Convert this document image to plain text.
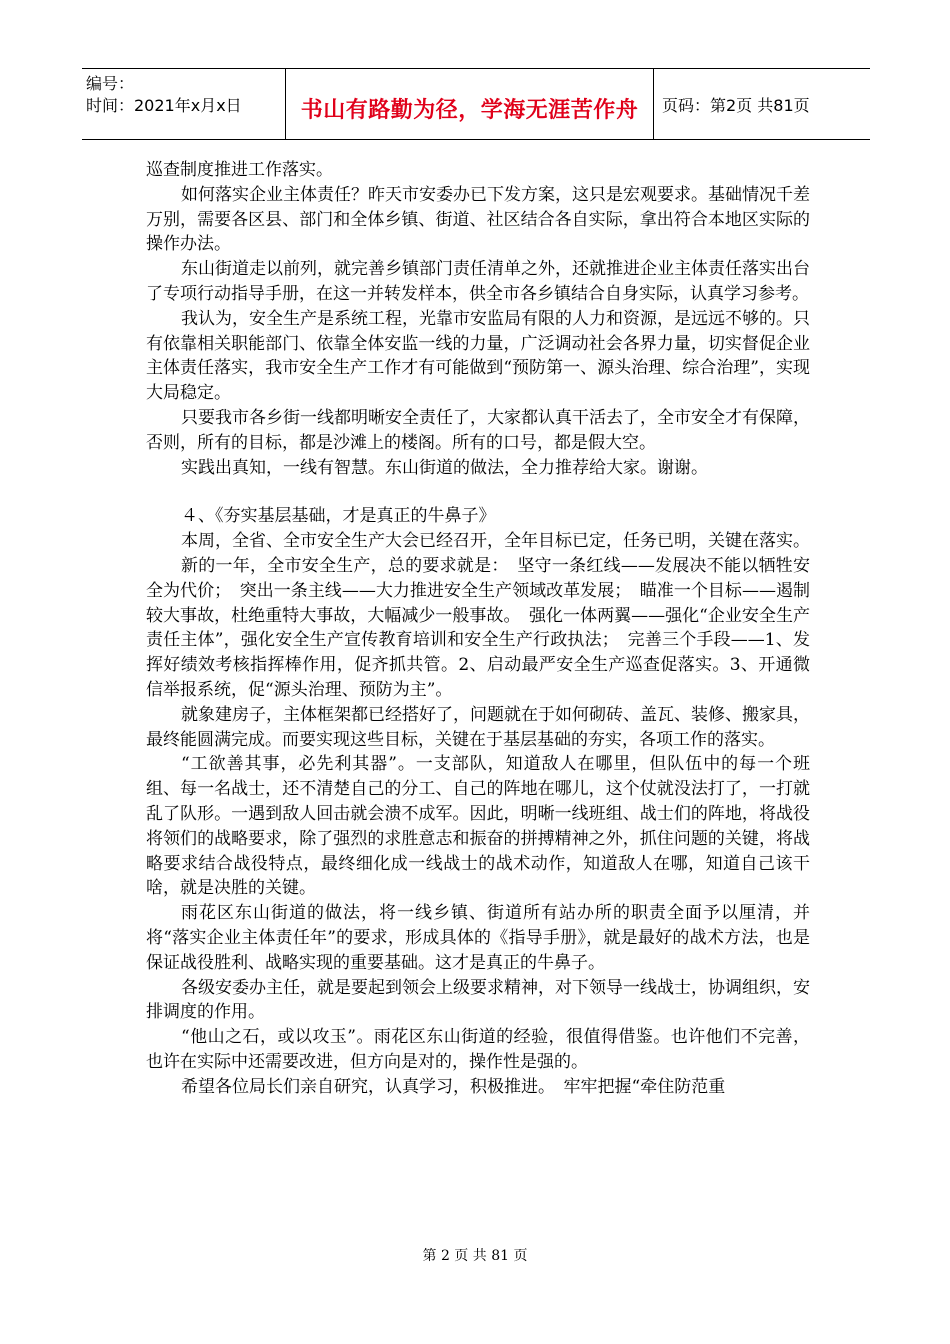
编号：
时间：2021年x月x日	书山有路勤为径，学海无涯苦作舟	页码：第2页 共81页

巡查制度推进工作落实。

如何落实企业主体责任？昨天市安委办已下发方案，这只是宏观要求。基础情况千差万别，需要各区县、部门和全体乡镇、街道、社区结合各自实际，拿出符合本地区实际的操作办法。

东山街道走以前列，就完善乡镇部门责任清单之外，还就推进企业主体责任落实出台了专项行动指导手册，在这一并转发样本，供全市各乡镇结合自身实际，认真学习参考。

我认为，安全生产是系统工程，光靠市安监局有限的人力和资源，是远远不够的。只有依靠相关职能部门、依靠全体安监一线的力量，广泛调动社会各界力量，切实督促企业主体责任落实，我市安全生产工作才有可能做到“预防第一、源头治理、综合治理”，实现大局稳定。

只要我市各乡街一线都明晰安全责任了，大家都认真干活去了，全市安全才有保障，否则，所有的目标，都是沙滩上的楼阁。所有的口号，都是假大空。

实践出真知，一线有智慧。东山街道的做法，全力推荐给大家。谢谢。

４、《夯实基层基础，才是真正的牛鼻子》

本周，全省、全市安全生产大会已经召开，全年目标已定，任务已明，关键在落实。

新的一年，全市安全生产，总的要求就是：　坚守一条红线——发展决不能以牺牲安全为代价；　突出一条主线——大力推进安全生产领域改革发展；　瞄准一个目标——遏制较大事故，杜绝重特大事故，大幅减少一般事故。　强化一体两翼——强化“企业安全生产责任主体”，强化安全生产宣传教育培训和安全生产行政执法；　完善三个手段——1、发挥好绩效考核指挥棒作用，促齐抓共管。2、启动最严安全生产巡查促落实。3、开通微信举报系统，促“源头治理、预防为主”。

就象建房子，主体框架都已经搭好了，问题就在于如何砌砖、盖瓦、装修、搬家具，最终能圆满完成。而要实现这些目标，关键在于基层基础的夯实，各项工作的落实。

“工欲善其事，必先利其器”。一支部队，知道敌人在哪里，但队伍中的每一个班组、每一名战士，还不清楚自己的分工、自己的阵地在哪儿，这个仗就没法打了，一打就乱了队形。一遇到敌人回击就会溃不成军。因此，明晰一线班组、战士们的阵地，将战役将领们的战略要求，除了强烈的求胜意志和振奋的拼搏精神之外，抓住问题的关键，将战略要求结合战役特点，最终细化成一线战士的战术动作，知道敌人在哪，知道自己该干啥，就是决胜的关键。

雨花区东山街道的做法，将一线乡镇、街道所有站办所的职责全面予以厘清，并将“落实企业主体责任年”的要求，形成具体的《指导手册》，就是最好的战术方法，也是保证战役胜利、战略实现的重要基础。这才是真正的牛鼻子。

各级安委办主任，就是要起到领会上级要求精神，对下领导一线战士，协调组织，安排调度的作用。

“他山之石，或以攻玉”。雨花区东山街道的经验，很值得借鉴。也许他们不完善，也许在实际中还需要改进，但方向是对的，操作性是强的。

希望各位局长们亲自研究，认真学习，积极推进。　牢牢把握“牵住防范重

第 2 页 共 81 页
